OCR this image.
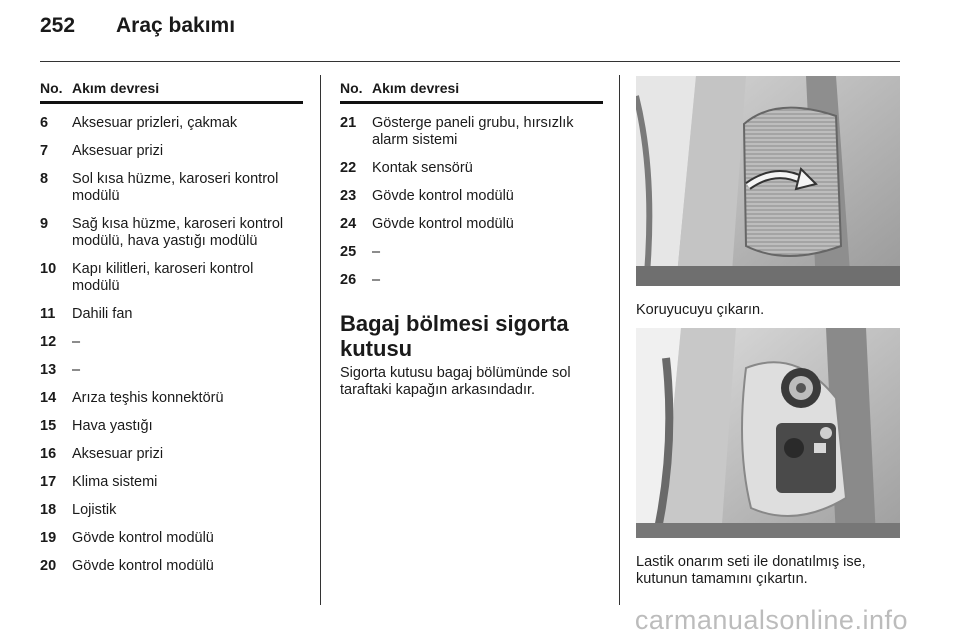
252 Araç bakımı
No. Akım devresi
6	Aksesuar prizleri, çakmak
7	Aksesuar prizi
8	Sol kısa hüzme, karoseri kontrol modülü
9	Sağ kısa hüzme, karoseri kontrol modülü, hava yastığı modülü
10	Kapı kilitleri, karoseri kontrol modülü
11	Dahili fan
12	–
13	–
14	Arıza teşhis konnektörü
15	Hava yastığı
16	Aksesuar prizi
17	Klima sistemi
18	Lojistik
19	Gövde kontrol modülü
20	Gövde kontrol modülü
No. Akım devresi
21	Gösterge paneli grubu, hırsızlık alarm sistemi
22	Kontak sensörü
23	Gövde kontrol modülü
24	Gövde kontrol modülü
25	–
26	–
Bagaj bölmesi sigorta kutusu
Sigorta kutusu bagaj bölümünde sol taraftaki kapağın arkasındadır.
Koruyucuyu çıkarın.
Lastik onarım seti ile donatılmış ise, kutunun tamamını çıkartın.
carmanualsonline.info
